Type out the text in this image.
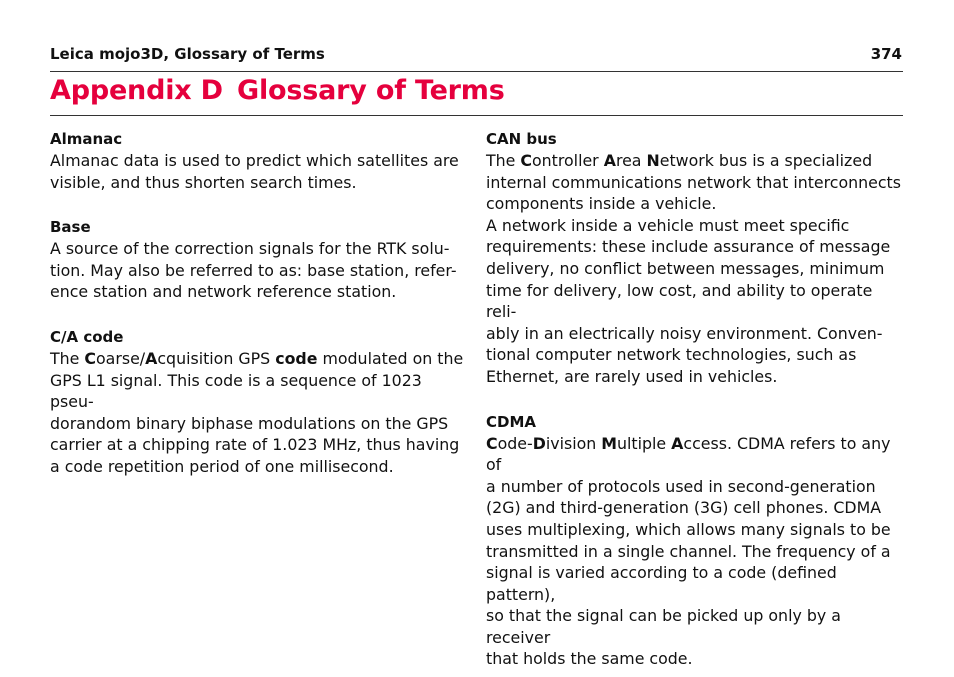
Leica mojo3D, Glossary of Terms	374
Appendix D Glossary of Terms
Almanac
Almanac data is used to predict which satellites are
visible, and thus shorten search times.
Base
A source of the correction signals for the RTK solu-
tion. May also be referred to as: base station, refer-
ence station and network reference station.
C/A code
The Coarse/Acquisition GPS code modulated on the
GPS L1 signal. This code is a sequence of 1023 pseu-
dorandom binary biphase modulations on the GPS
carrier at a chipping rate of 1.023 MHz, thus having
a code repetition period of one millisecond.
CAN bus
The Controller Area Network bus is a specialized
internal communications network that interconnects
components inside a vehicle.
A network inside a vehicle must meet specific
requirements: these include assurance of message
delivery, no conflict between messages, minimum
time for delivery, low cost, and ability to operate reli-
ably in an electrically noisy environment. Conven-
tional computer network technologies, such as
Ethernet, are rarely used in vehicles.
CDMA
Code-Division Multiple Access. CDMA refers to any of
a number of protocols used in second-generation
(2G) and third-generation (3G) cell phones. CDMA
uses multiplexing, which allows many signals to be
transmitted in a single channel. The frequency of a
signal is varied according to a code (defined pattern),
so that the signal can be picked up only by a receiver
that holds the same code.
